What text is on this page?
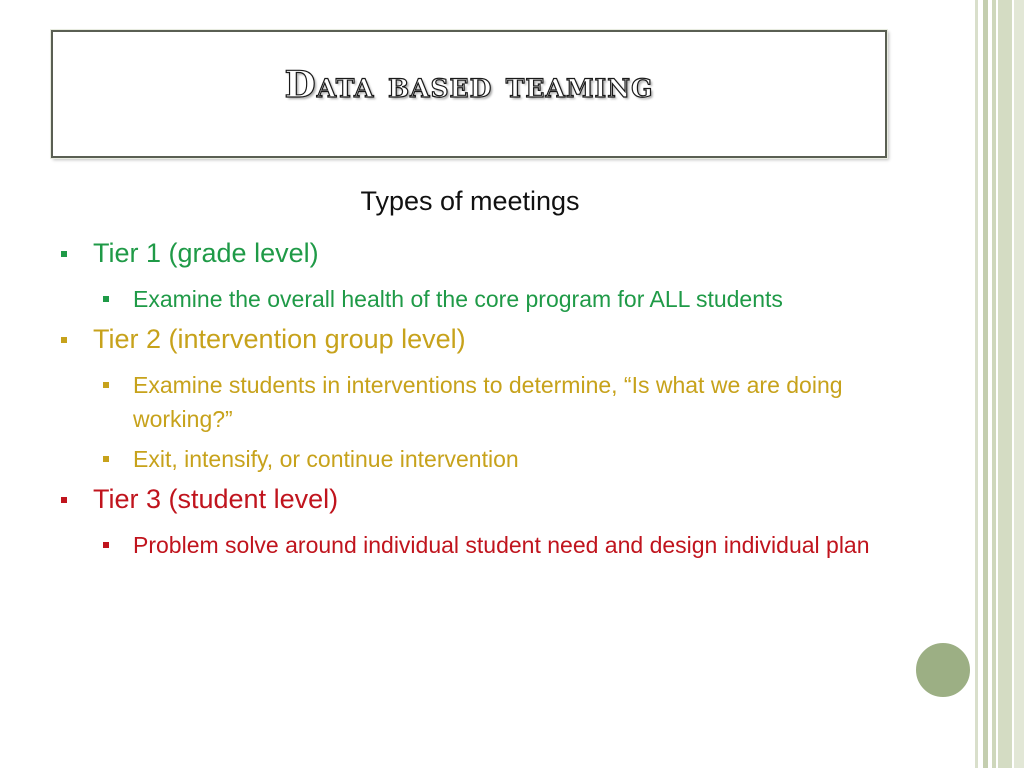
Data based teaming

Types of meetings

Tier 1 (grade level)
Examine the overall health of the core program for ALL students
Tier 2 (intervention group level)
Examine students in interventions to determine, “Is what we are doing working?”
Exit, intensify, or continue intervention
Tier 3 (student level)
Problem solve around individual student need and design individual plan
